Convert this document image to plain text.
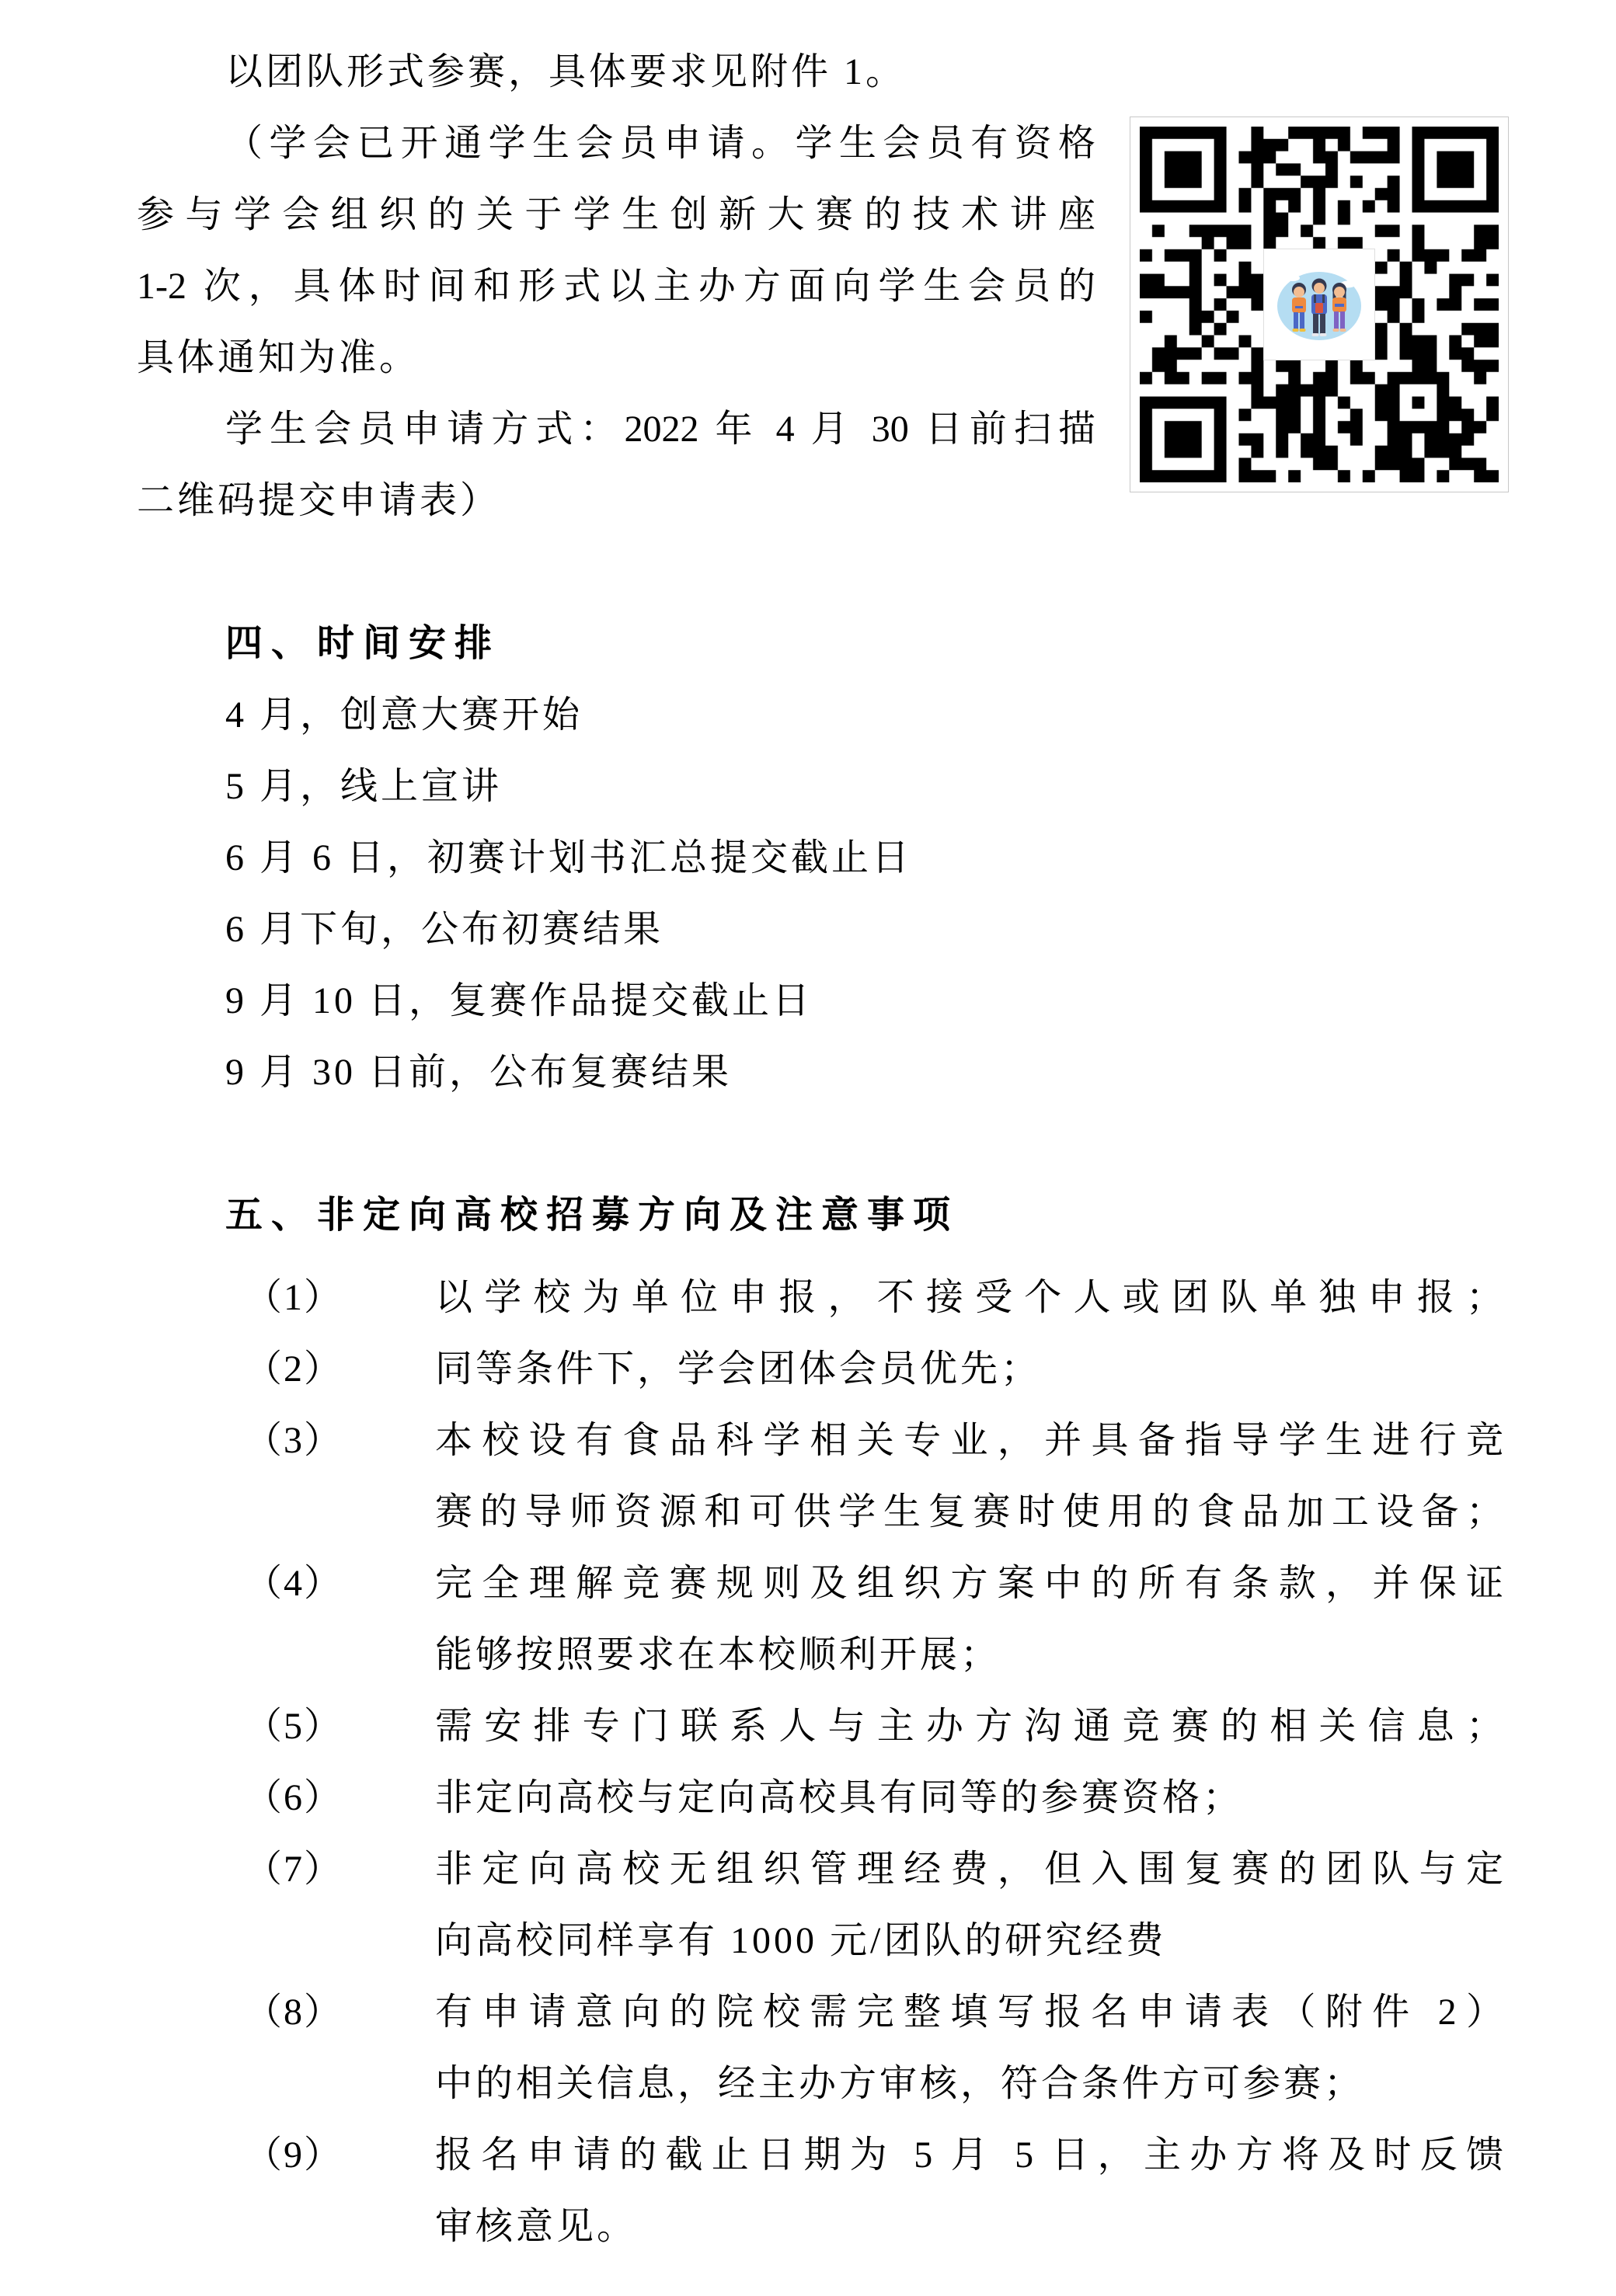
以团队形式参赛，具体要求见附件 1。
（学会已开通学生会员申请。学生会员有资格
参与学会组织的关于学生创新大赛的技术讲座
1-2 次，具体时间和形式以主办方面向学生会员的
具体通知为准。
学生会员申请方式：2022 年 4 月 30 日前扫描
二维码提交申请表）
四、时间安排
4 月，创意大赛开始
5 月，线上宣讲
6 月 6 日，初赛计划书汇总提交截止日
6 月下旬，公布初赛结果
9 月 10 日，复赛作品提交截止日
9 月 30 日前，公布复赛结果
五、非定向高校招募方向及注意事项
（1）	以学校为单位申报，不接受个人或团队单独申报；
（2）	同等条件下，学会团体会员优先；
（3）	本校设有食品科学相关专业，并具备指导学生进行竞
赛的导师资源和可供学生复赛时使用的食品加工设备；
（4）	完全理解竞赛规则及组织方案中的所有条款，并保证
能够按照要求在本校顺利开展；
（5）	需安排专门联系人与主办方沟通竞赛的相关信息；
（6）	非定向高校与定向高校具有同等的参赛资格；
（7）	非定向高校无组织管理经费，但入围复赛的团队与定
向高校同样享有 1000 元/团队的研究经费
（8）	有申请意向的院校需完整填写报名申请表（附件 2）
中的相关信息，经主办方审核，符合条件方可参赛；
（9）	报名申请的截止日期为 5 月 5 日，主办方将及时反馈
审核意见。
